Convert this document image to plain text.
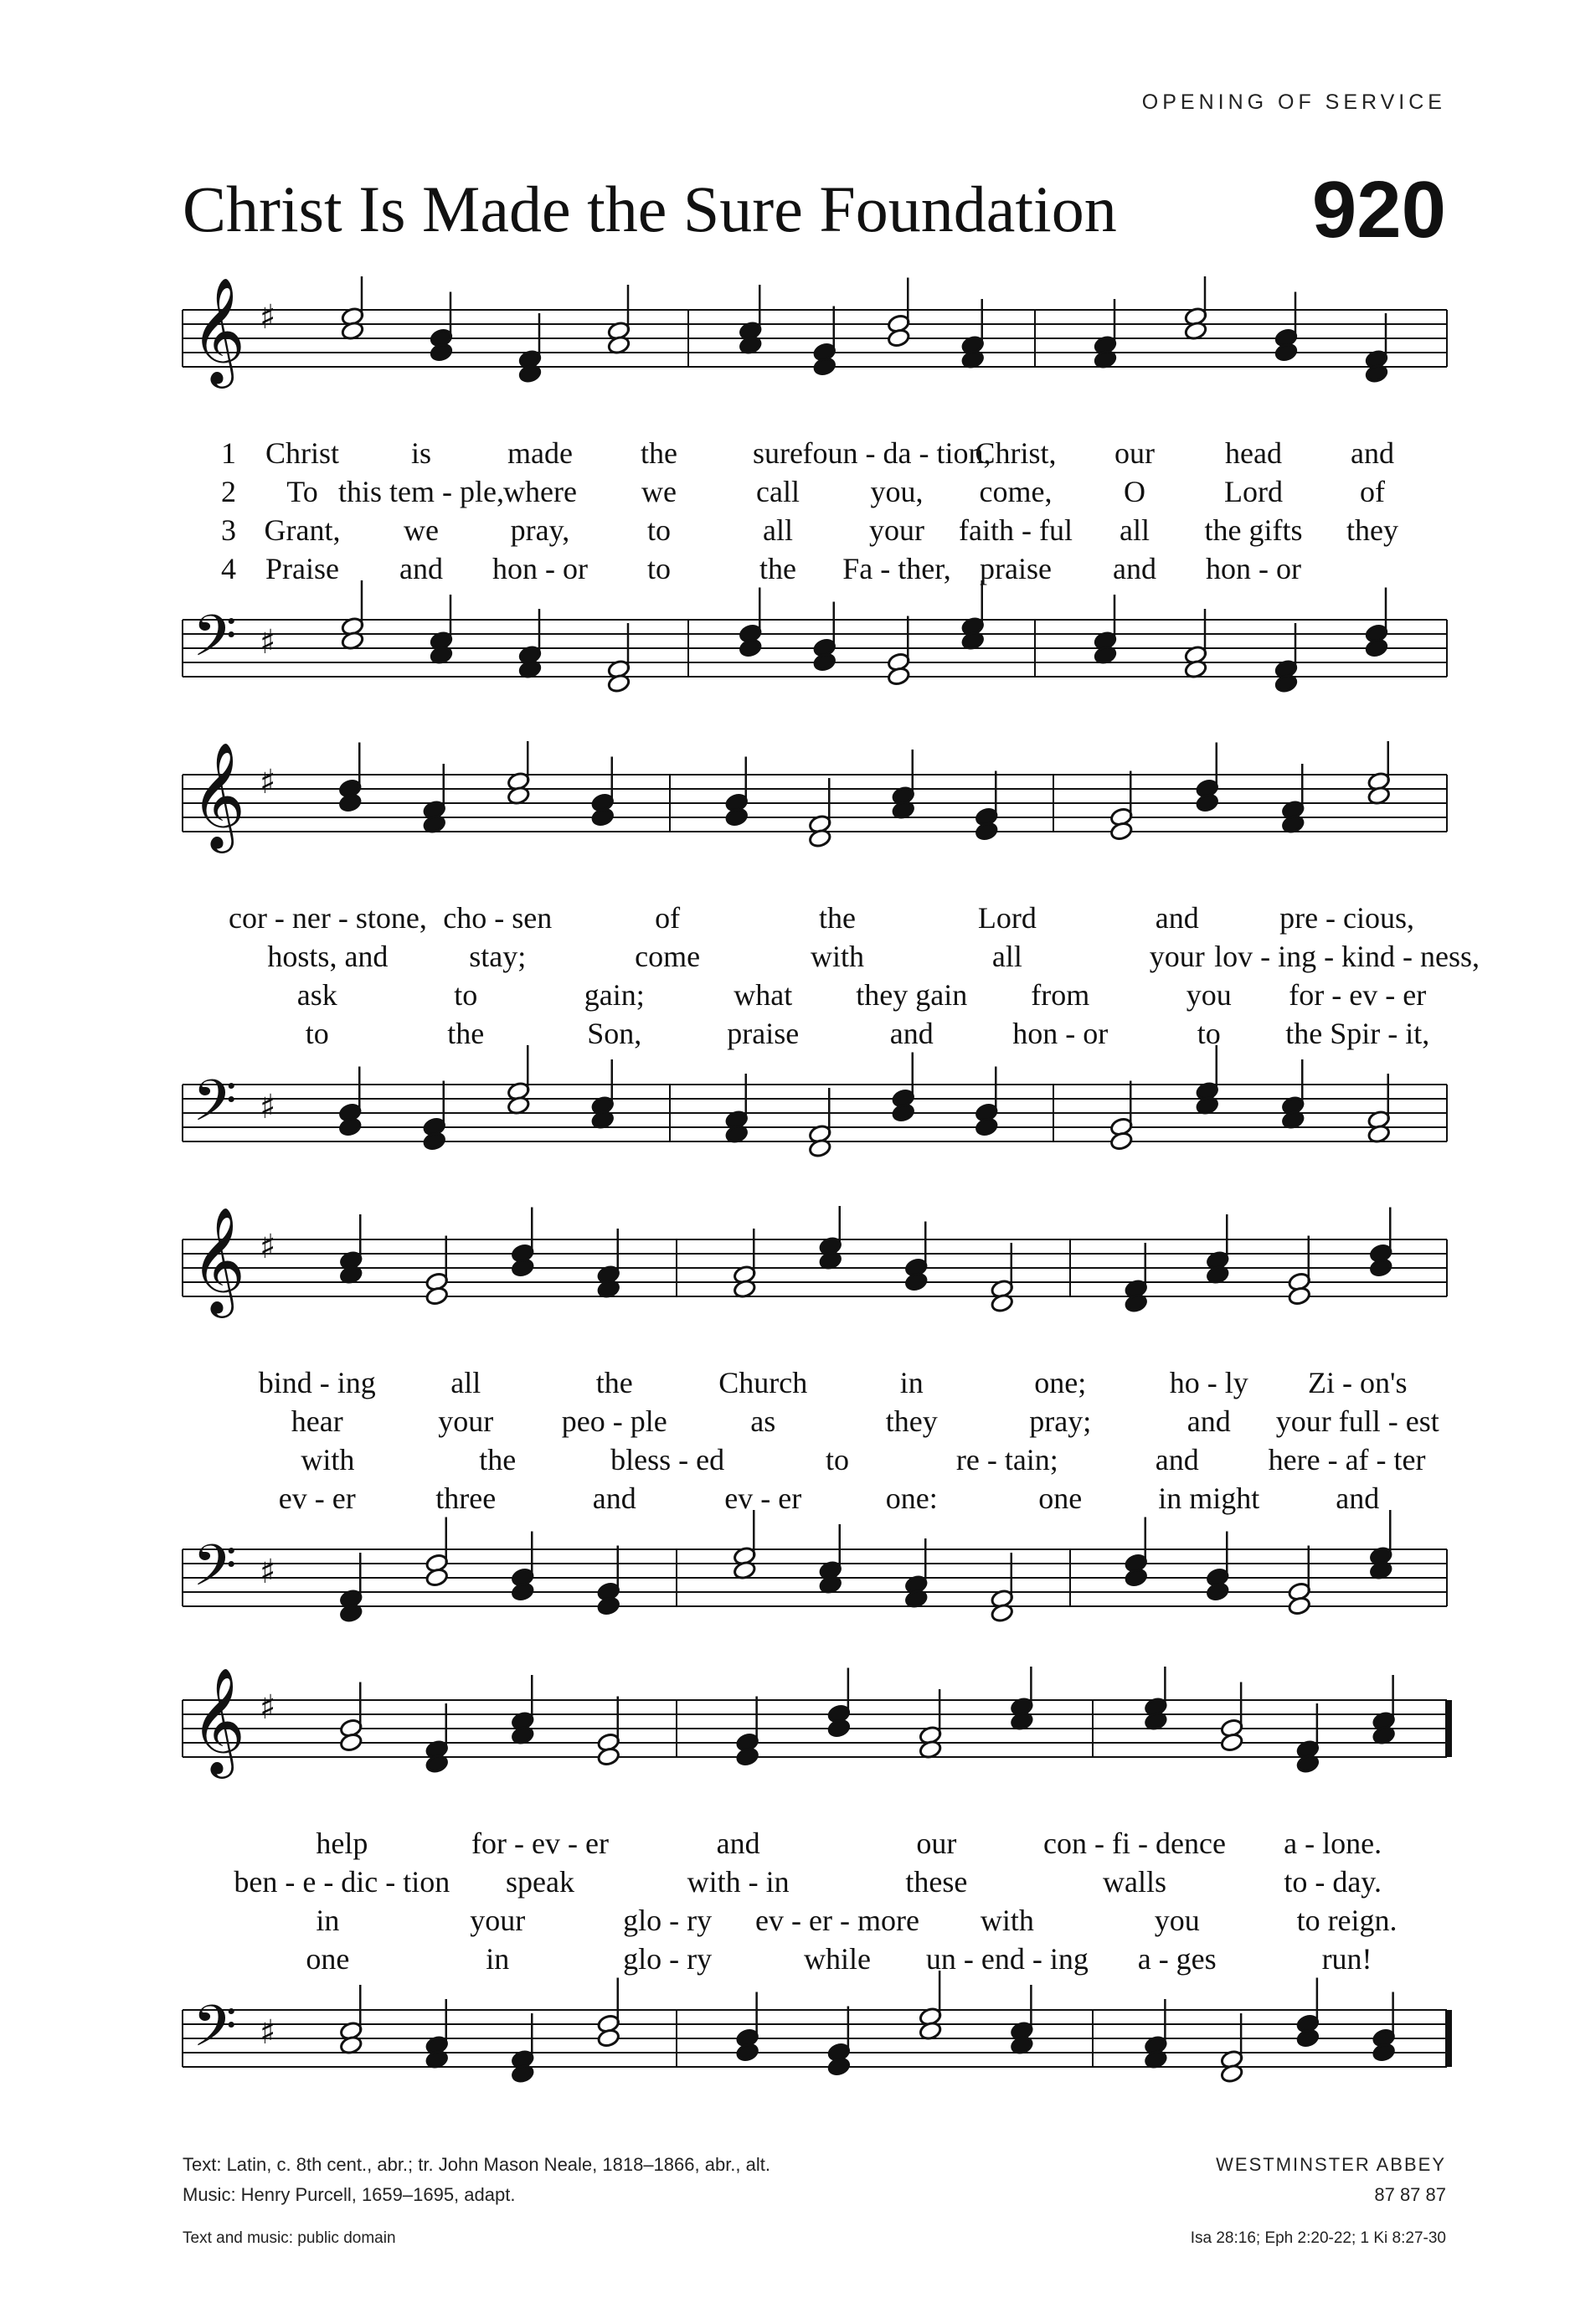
OPENING OF SERVICE
Christ Is Made the Sure Foundation 920
𝄞
𝄢
♯
♯
1 Christ is	made the	sure foun - da - tion,
Christ, our head and
2 To this tem - ple, where we	call you, come, O	Lord	of
3 Grant, we pray,	to	all	your faith - ful all the gifts they
4 Praise and hon - or to	the Fa - ther, praise and hon - or
𝄞
𝄢
♯
♯
cor - ner - stone, cho - sen	of	the	Lord	and	pre - cious,
hosts, and	stay;	come	with	all	your lov - ing - kind - ness,
ask	to	gain;	what they gain from	you for - ev - er
to	the	Son,	praise	and	hon - or	to the Spir - it,
𝄞
𝄢
♯
♯
bind - ing all	the	Church	in	one;	ho - ly Zi - on's
hear	your peo - ple	as	they	pray;	and your full - est
with	the	bless - ed	to	re - tain;	and here - af - ter
ev - er	three	and	ev - er	one:	one	in might	and
𝄞
𝄢
♯
♯
help	for - ev - er	and	our	con - fi - dence a - lone.
ben - e - dic - tion speak	with - in	these	walls	to - day.
in	your	glo - ry ev - er - more with	you	to reign.
one	in	glo - ry	while un - end - ing a - ges	run!
Text: Latin, c. 8th cent., abr.; tr. John Mason Neale, 1818–1866, abr., alt.
Music: Henry Purcell, 1659–1695, adapt.
Text and music: public domain
WESTMINSTER ABBEY
87 87 87
Isa 28:16; Eph 2:20-22; 1 Ki 8:27-30
